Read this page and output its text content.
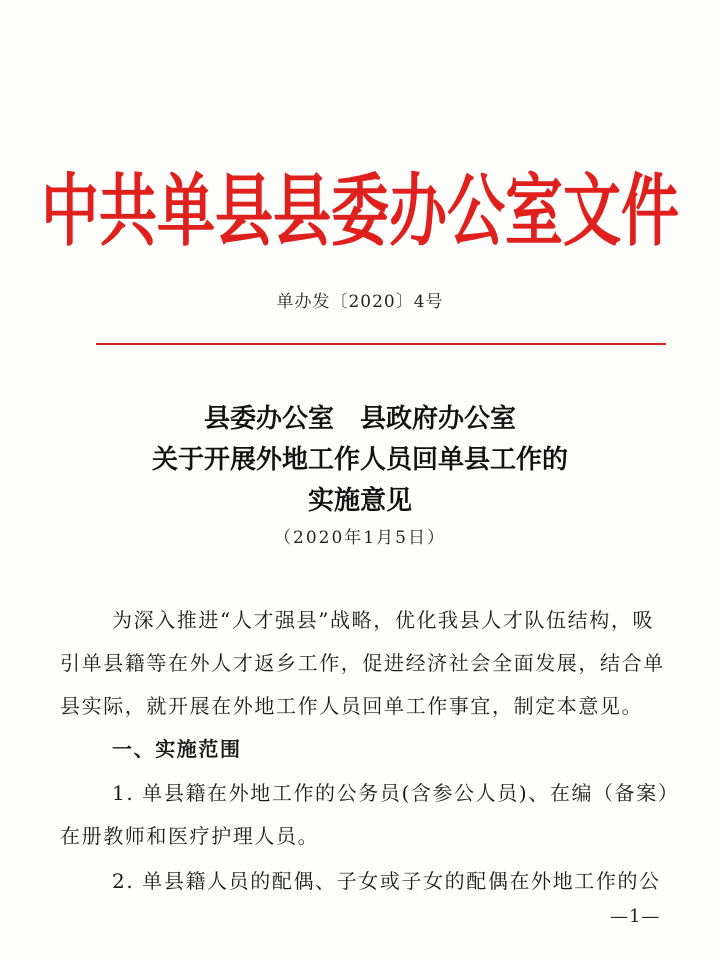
中共单县县委办公室文件
单办发〔2020〕4号
县委办公室　县政府办公室
关于开展外地工作人员回单县工作的
实施意见
（2020年1月5日）
为深入推进“人才强县”战略，优化我县人才队伍结构，吸
引单县籍等在外人才返乡工作，促进经济社会全面发展，结合单
县实际，就开展在外地工作人员回单工作事宜，制定本意见。
一、实施范围
1. 单县籍在外地工作的公务员(含参公人员)、在编（备案）
在册教师和医疗护理人员。
2. 单县籍人员的配偶、子女或子女的配偶在外地工作的公
—1—
